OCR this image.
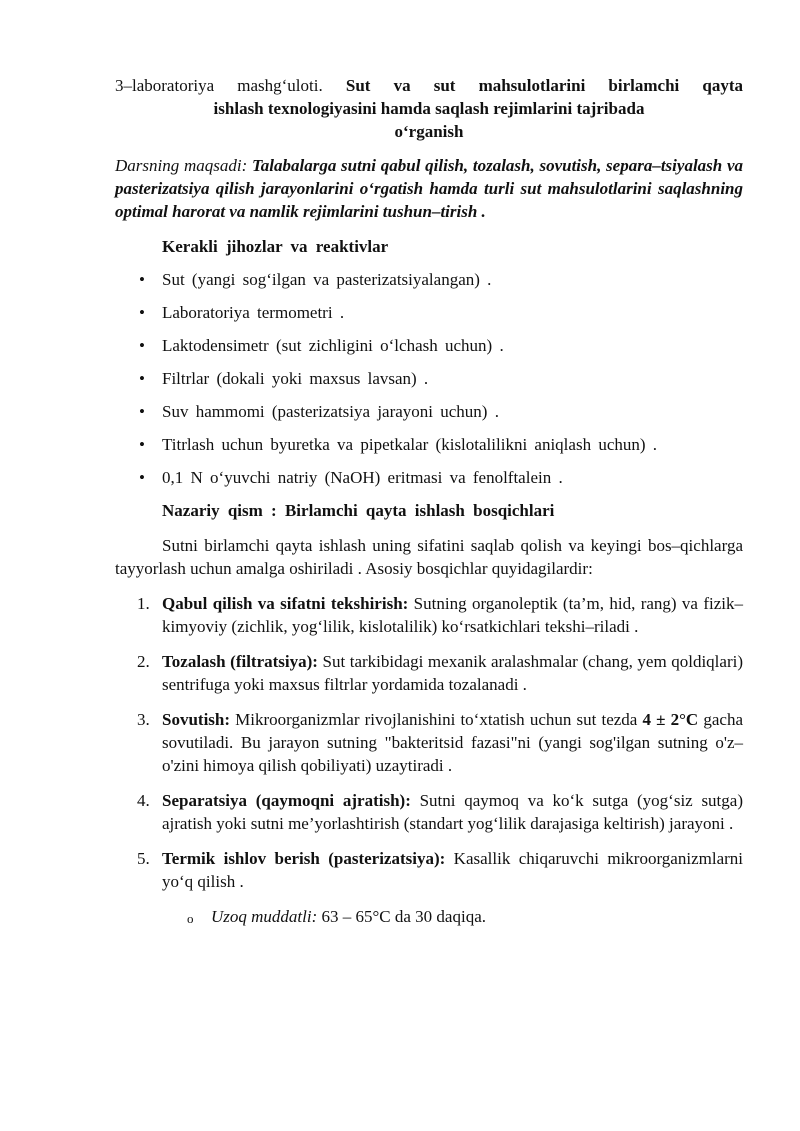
3–laboratoriya mashg‘uloti. Sut va sut mahsulotlarini birlamchi qayta

ishlash texnologiyasini hamda saqlash rejimlarini tajribada

o‘rganish

Darsning maqsadi: Talabalarga sutni qabul qilish, tozalash, sovutish, separa–tsiyalash va pasterizatsiya qilish jarayonlarini o‘rgatish hamda turli sut mahsulotlarini saqlashning optimal harorat va namlik rejimlarini tushun–tirish .
Kerakli jihozlar va reaktivlar
• Sut (yangi sog‘ilgan va pasterizatsiyalangan) .
• Laboratoriya termometri .
• Laktodensimetr (sut zichligini o‘lchash uchun) .
• Filtrlar (dokali yoki maxsus lavsan) .
• Suv hammomi (pasterizatsiya jarayoni uchun) .
• Titrlash uchun byuretka va pipetkalar (kislotalilikni aniqlash uchun) .
• 0,1 N o‘yuvchi natriy (NaOH) eritmasi va fenolftalein .
Nazariy qism : Birlamchi qayta ishlash bosqichlari

Sutni birlamchi qayta ishlash uning sifatini saqlab qolish va keyingi bos–qichlarga tayyorlash uchun amalga oshiriladi . Asosiy bosqichlar quyidagilardir:

1. Qabul qilish va sifatni tekshirish: Sutning organoleptik (ta’m, hid, rang) va fizik–kimyoviy (zichlik, yog‘lilik, kislotalilik) ko‘rsatkichlari tekshi–riladi .
2. Tozalash (filtratsiya): Sut tarkibidagi mexanik aralashmalar (chang, yem qoldiqlari) sentrifuga yoki maxsus filtrlar yordamida tozalanadi .
3. Sovutish: Mikroorganizmlar rivojlanishini to‘xtatish uchun sut tezda 4 ± 2°C gacha sovutiladi. Bu jarayon sutning "bakteritsid fazasi"ni (yangi sog'ilgan sutning o'z–o'zini himoya qilish qobiliyati) uzaytiradi .
4. Separatsiya (qaymoqni ajratish): Sutni qaymoq va ko‘k sutga (yog‘siz sutga) ajratish yoki sutni me’yorlashtirish (standart yog‘lilik darajasiga keltirish) jarayoni .
5. Termik ishlov berish (pasterizatsiya): Kasallik chiqaruvchi mikroorganizmlarni yo‘q qilish .
o Uzoq muddatli: 63 – 65°C da 30 daqiqa.
